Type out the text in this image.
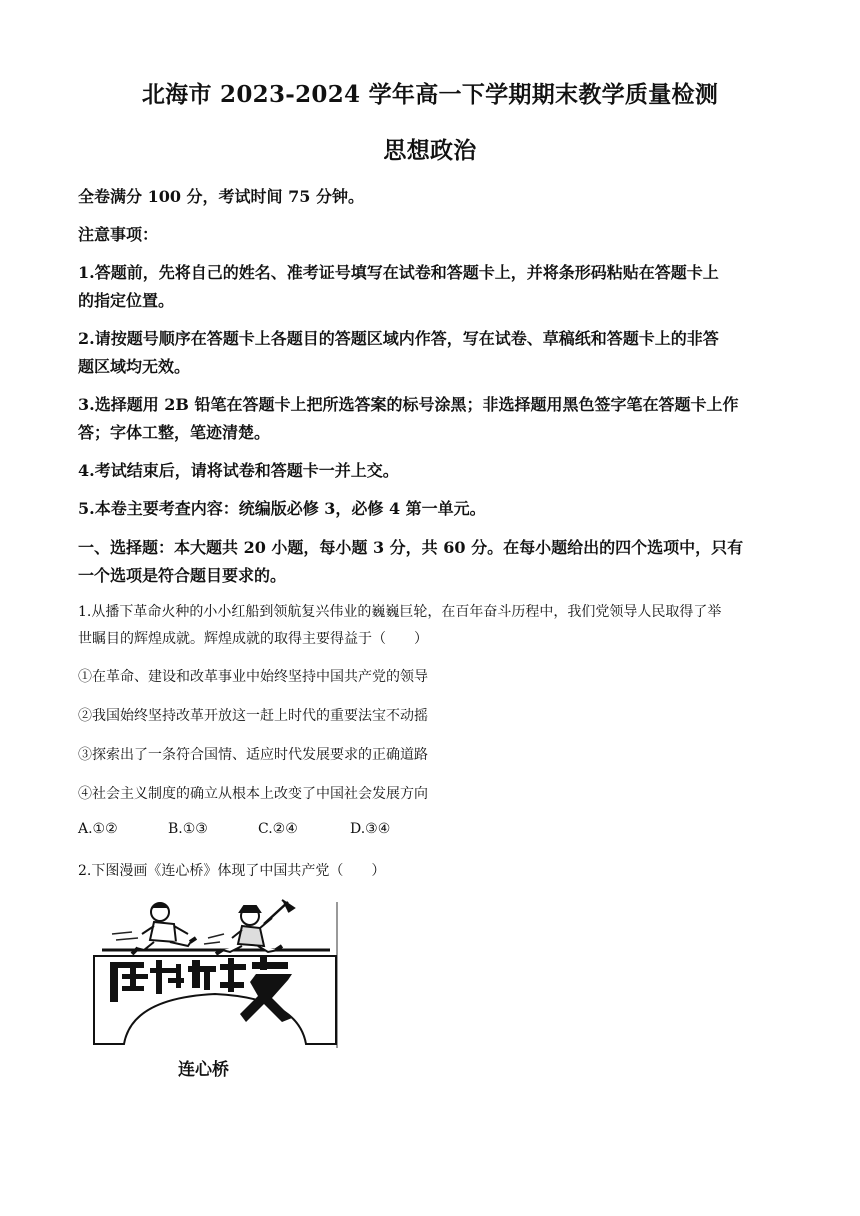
北海市 2023-2024 学年高一下学期期末教学质量检测
思想政治
全卷满分 100 分，考试时间 75 分钟。
注意事项：
1.答题前，先将自己的姓名、准考证号填写在试卷和答题卡上，并将条形码粘贴在答题卡上
的指定位置。
2.请按题号顺序在答题卡上各题目的答题区域内作答，写在试卷、草稿纸和答题卡上的非答
题区域均无效。
3.选择题用 2B 铅笔在答题卡上把所选答案的标号涂黑；非选择题用黑色签字笔在答题卡上作
答；字体工整，笔迹清楚。
4.考试结束后，请将试卷和答题卡一并上交。
5.本卷主要考查内容：统编版必修 3，必修 4 第一单元。
一、选择题：本大题共 20 小题，每小题 3 分，共 60 分。在每小题给出的四个选项中，只有
一个选项是符合题目要求的。
1.从播下革命火种的小小红船到领航复兴伟业的巍巍巨轮，在百年奋斗历程中，我们党领导人民取得了举
世瞩目的辉煌成就。辉煌成就的取得主要得益于（　　）
①在革命、建设和改革事业中始终坚持中国共产党的领导
②我国始终坚持改革开放这一赶上时代的重要法宝不动摇
③探索出了一条符合国情、适应时代发展要求的正确道路
④社会主义制度的确立从根本上改变了中国社会发展方向
A.①②	B.①③	C.②④	D.③④
2.下图漫画《连心桥》体现了中国共产党（　　）
连心桥
